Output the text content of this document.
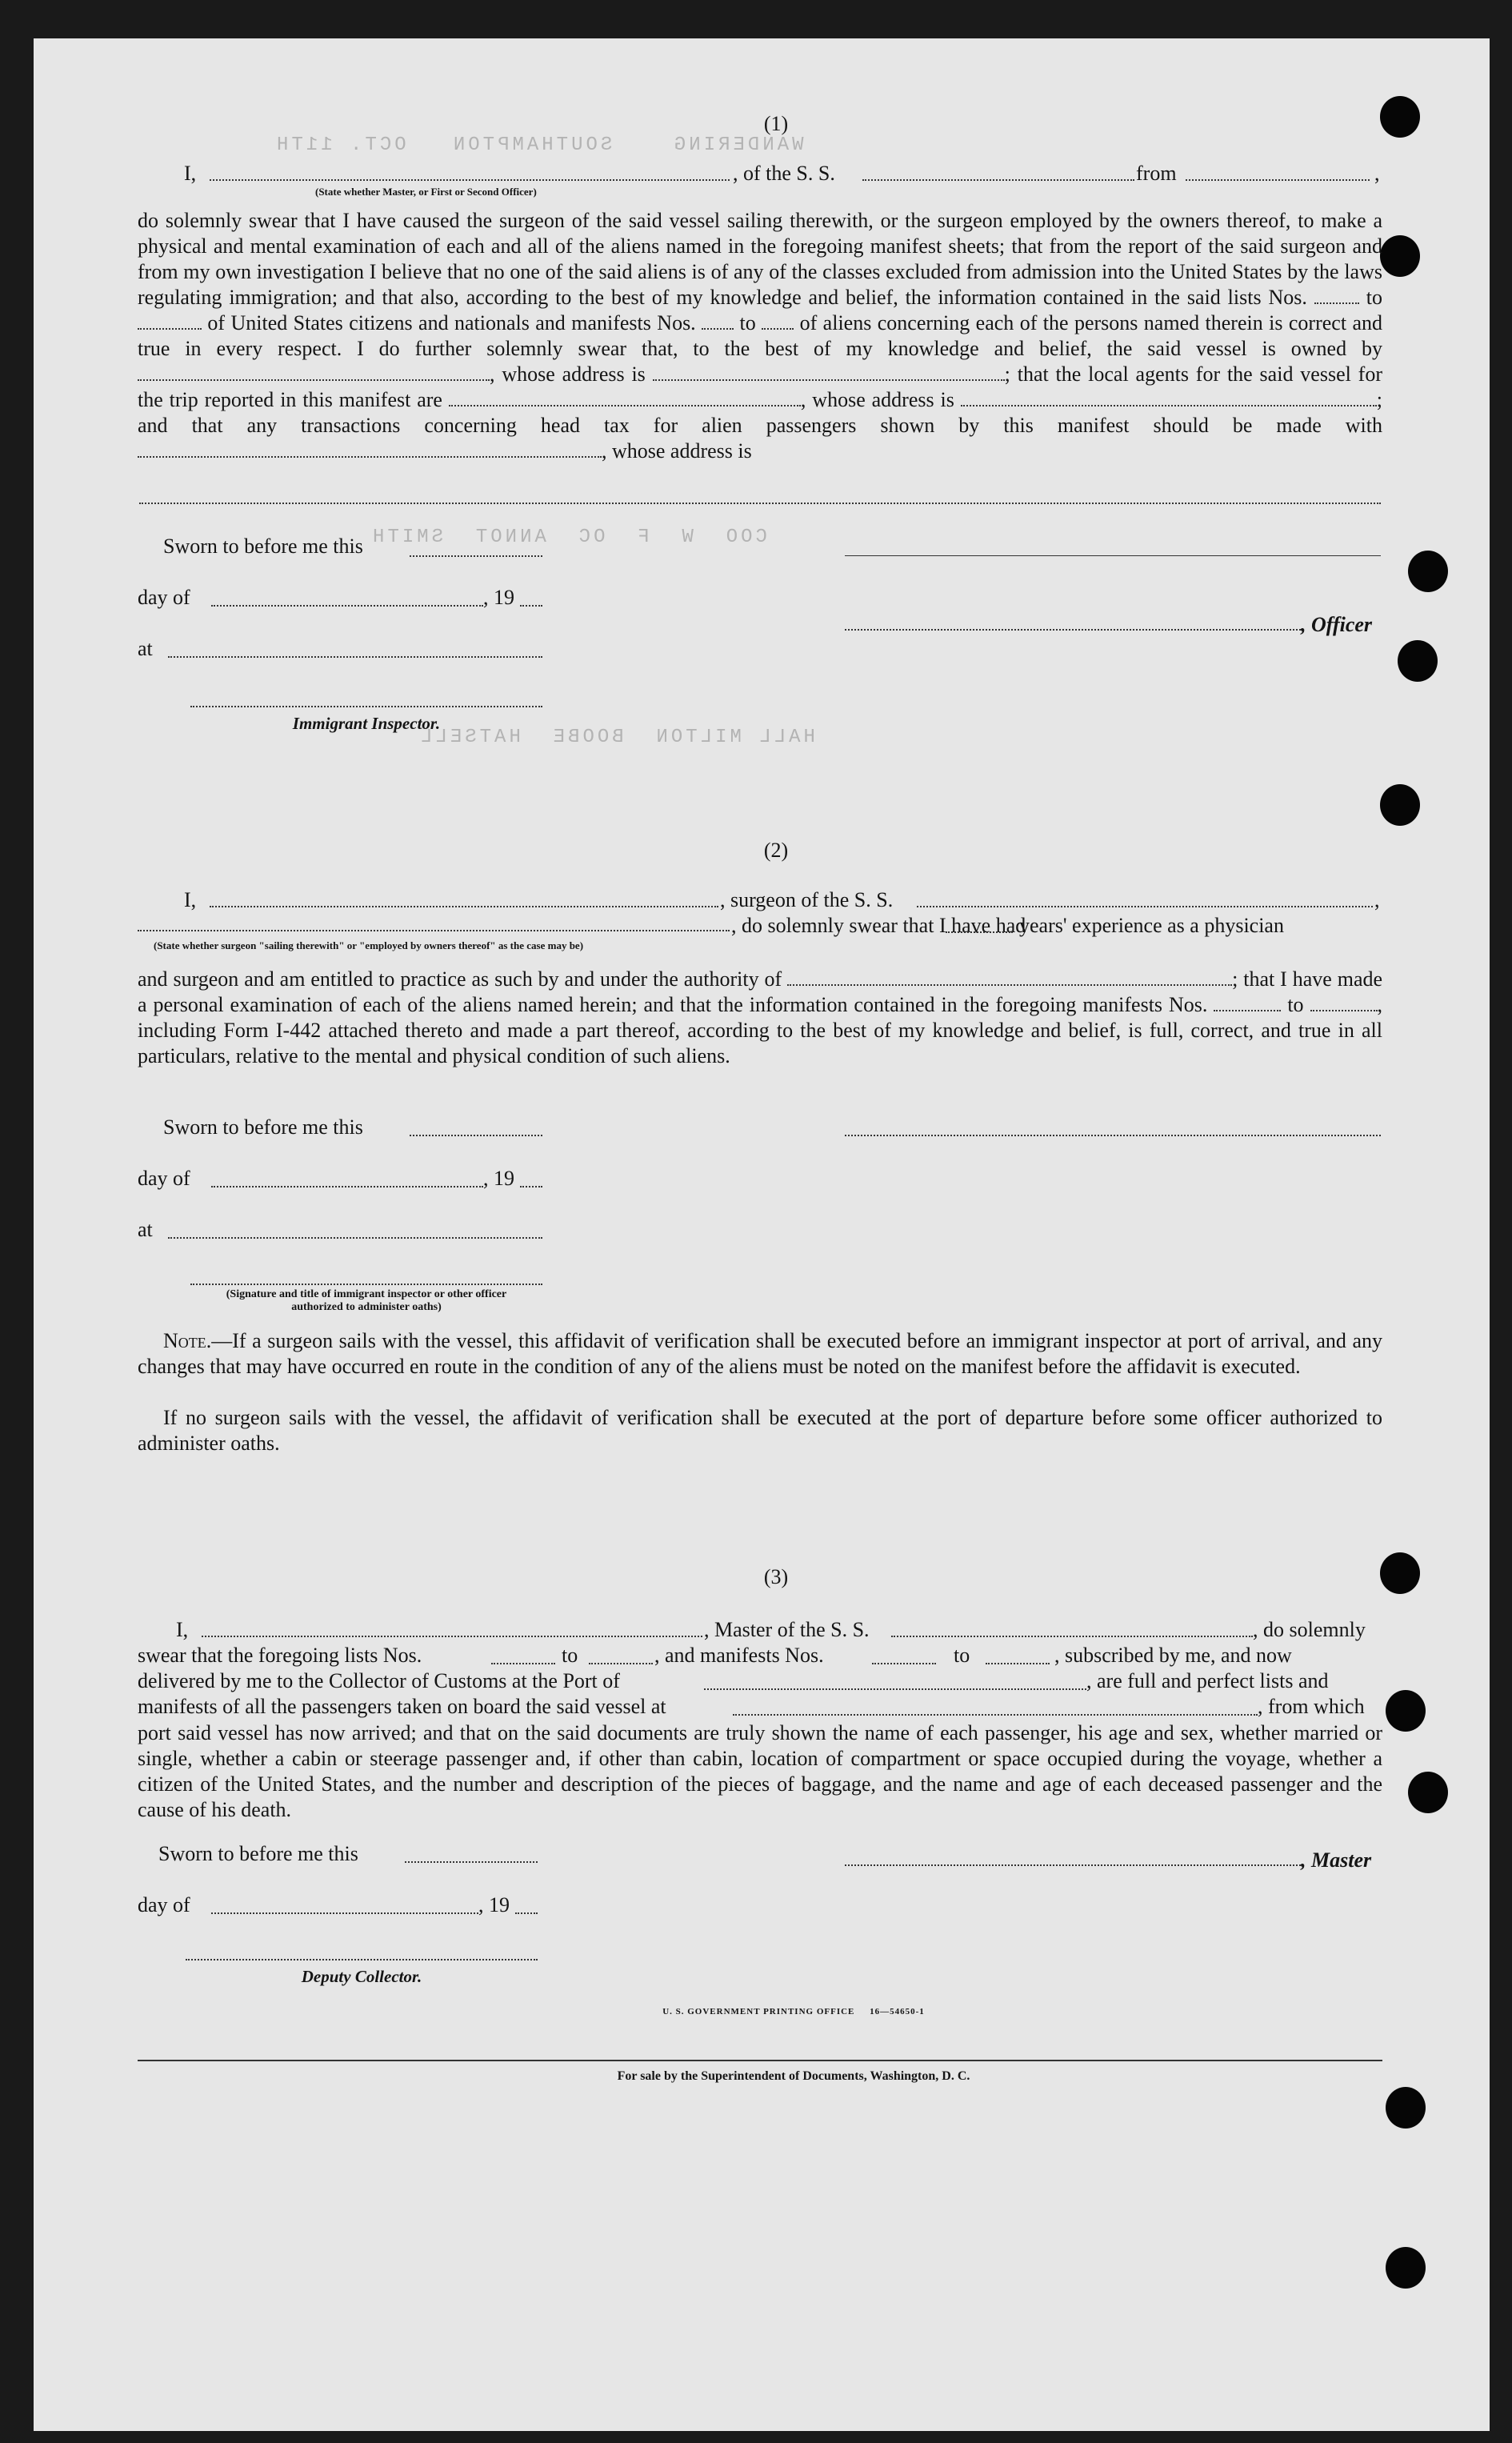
WANDERING    SOUTHAMPTON   OCT. 11TH
COO  W  F  OC  ANNOT  SMITH
HALL MILTON  BOOBE  HATSELL
(1)
I,	, of the S. S.	from	,
(State whether Master, or First or Second Officer)
do solemnly swear that I have caused the surgeon of the said vessel sailing therewith, or the surgeon employed by the owners thereof, to make a physical and mental examination of each and all of the aliens named in the foregoing manifest sheets; that from the report of the said surgeon and from my own investigation I believe that no one of the said aliens is of any of the classes excluded from admission into the United States by the laws regulating immigration; and that also, according to the best of my knowledge and belief, the information contained in the said lists Nos.	to  of United States citizens and nationals and manifests Nos. to of aliens concerning each of the persons named therein is correct and true in every respect. I do further solemnly swear that, to the best of my knowledge and belief, the said vessel is owned by , whose address is	; that the local agents for the said vessel for the trip reported in this manifest are	, whose address is	; and that any transactions concerning head tax for alien passengers shown by this manifest should be made with , whose address is
Sworn to before me this
day of	, 19
, Officer
at
Immigrant Inspector.
(2)
I,	, surgeon of the S. S.	,
, do solemnly swear that I have had
years' experience as a physician
(State whether surgeon "sailing therewith" or "employed by owners thereof" as the case may be)
and surgeon and am entitled to practice as such by and under the authority of	; that I have made a personal examination of each of the aliens named herein; and that the information contained in the foregoing manifests Nos.	to	, including Form I-442 attached thereto and made a part thereof, according to the best of my knowledge and belief, is full, correct, and true in all particulars, relative to the mental and physical condition of such aliens.
Sworn to before me this
day of	, 19
at
(Signature and title of immigrant inspector or other officer authorized to administer oaths)
Note.—If a surgeon sails with the vessel, this affidavit of verification shall be executed before an immigrant inspector at port of arrival, and any changes that may have occurred en route in the condition of any of the aliens must be noted on the manifest before the affidavit is executed.
If no surgeon sails with the vessel, the affidavit of verification shall be executed at the port of departure before some officer authorized to administer oaths.
(3)
I,	, Master of the S. S.	, do solemnly
swear that the foregoing lists Nos.	to	, and manifests Nos.	to	, subscribed by me, and now
delivered by me to the Collector of Customs at the Port of	, are full and perfect lists and
manifests of all the passengers taken on board the said vessel at	, from which
port said vessel has now arrived; and that on the said documents are truly shown the name of each passenger, his age and sex, whether married or single, whether a cabin or steerage passenger and, if other than cabin, location of compartment or space occupied during the voyage, whether a citizen of the United States, and the number and description of the pieces of baggage, and the name and age of each deceased passenger and the cause of his death.
Sworn to before me this	, Master
day of	, 19
Deputy Collector.
U. S. GOVERNMENT PRINTING OFFICE     16—54650-1
For sale by the Superintendent of Documents, Washington, D. C.
